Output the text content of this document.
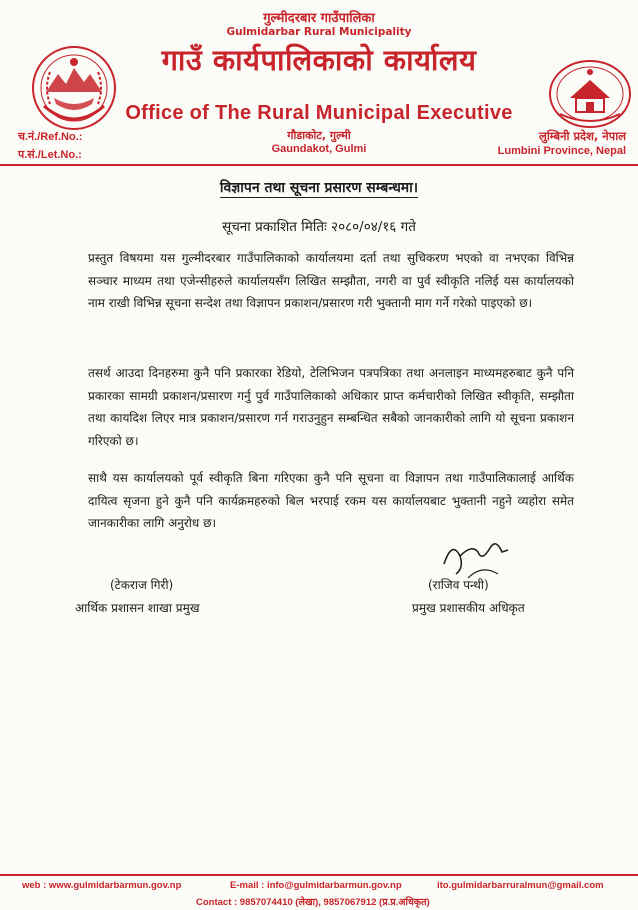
गुल्मीदरबार गाउँपालिका
Gulmidarbar Rural Municipality
गाउँ कार्यपालिकाको कार्यालय
Office of The Rural Municipal Executive
गौडाकोट, गुल्मी
Gaundakot, Gulmi
च.नं./Ref.No.:
प.सं./Let.No.:
लुम्बिनी प्रदेश, नेपाल
Lumbini Province, Nepal
विज्ञापन तथा सूचना प्रसारण सम्बन्धमा।
सूचना प्रकाशित मितिः २०८०/०४/१६ गते
प्रस्तुत विषयमा यस गुल्मीदरबार गाउँपालिकाको कार्यालयमा दर्ता तथा सुचिकरण भएको वा नभएका विभिन्न सञ्चार माध्यम तथा एजेन्सीहरुले कार्यालयसँग लिखित सम्झौता, नगरी वा पुर्व स्वीकृति नलिई यस कार्यालयको नाम राखी विभिन्न सूचना सन्देश तथा विज्ञापन प्रकाशन/प्रसारण गरी भुक्तानी माग गर्ने गरेको पाइएको छ।
तसर्थ आउदा दिनहरुमा कुनै पनि प्रकारका रेडियो, टेलिभिजन पत्रपत्रिका तथा अनलाइन माध्यमहरुबाट कुनै पनि प्रकारका सामग्री प्रकाशन/प्रसारण गर्नु पुर्व गाउँपालिकाको अधिकार प्राप्त कर्मचारीको लिखित स्वीकृति, सम्झौता तथा कायदिश लिएर मात्र प्रकाशन/प्रसारण गर्न गराउनुहुन सम्बन्धित सबैको जानकारीको लागि यो सूचना प्रकाशन गरिएको छ।
साथै यस कार्यालयको पूर्व स्वीकृति बिना गरिएका कुनै पनि सूचना वा विज्ञापन तथा गाउँपालिकालाई आर्थिक दायित्व सृजना हुने कुनै पनि कार्यक्रमहरुको बिल भरपाई रकम यस कार्यालयबाट भुक्तानी नहुने व्यहोरा समेत जानकारीका लागि अनुरोध छ।
(टेकराज गिरी)
आर्थिक प्रशासन शाखा प्रमुख
(राजिव पन्थी)
प्रमुख प्रशासकीय अधिकृत
web : www.gulmidarbarmun.gov.np	E-mail : info@gulmidarbarmun.gov.np	ito.gulmidarbarruralmun@gmail.com
Contact : 9857074410 (लेखा), 9857067912 (प्र.प्र.अधिकृत)
